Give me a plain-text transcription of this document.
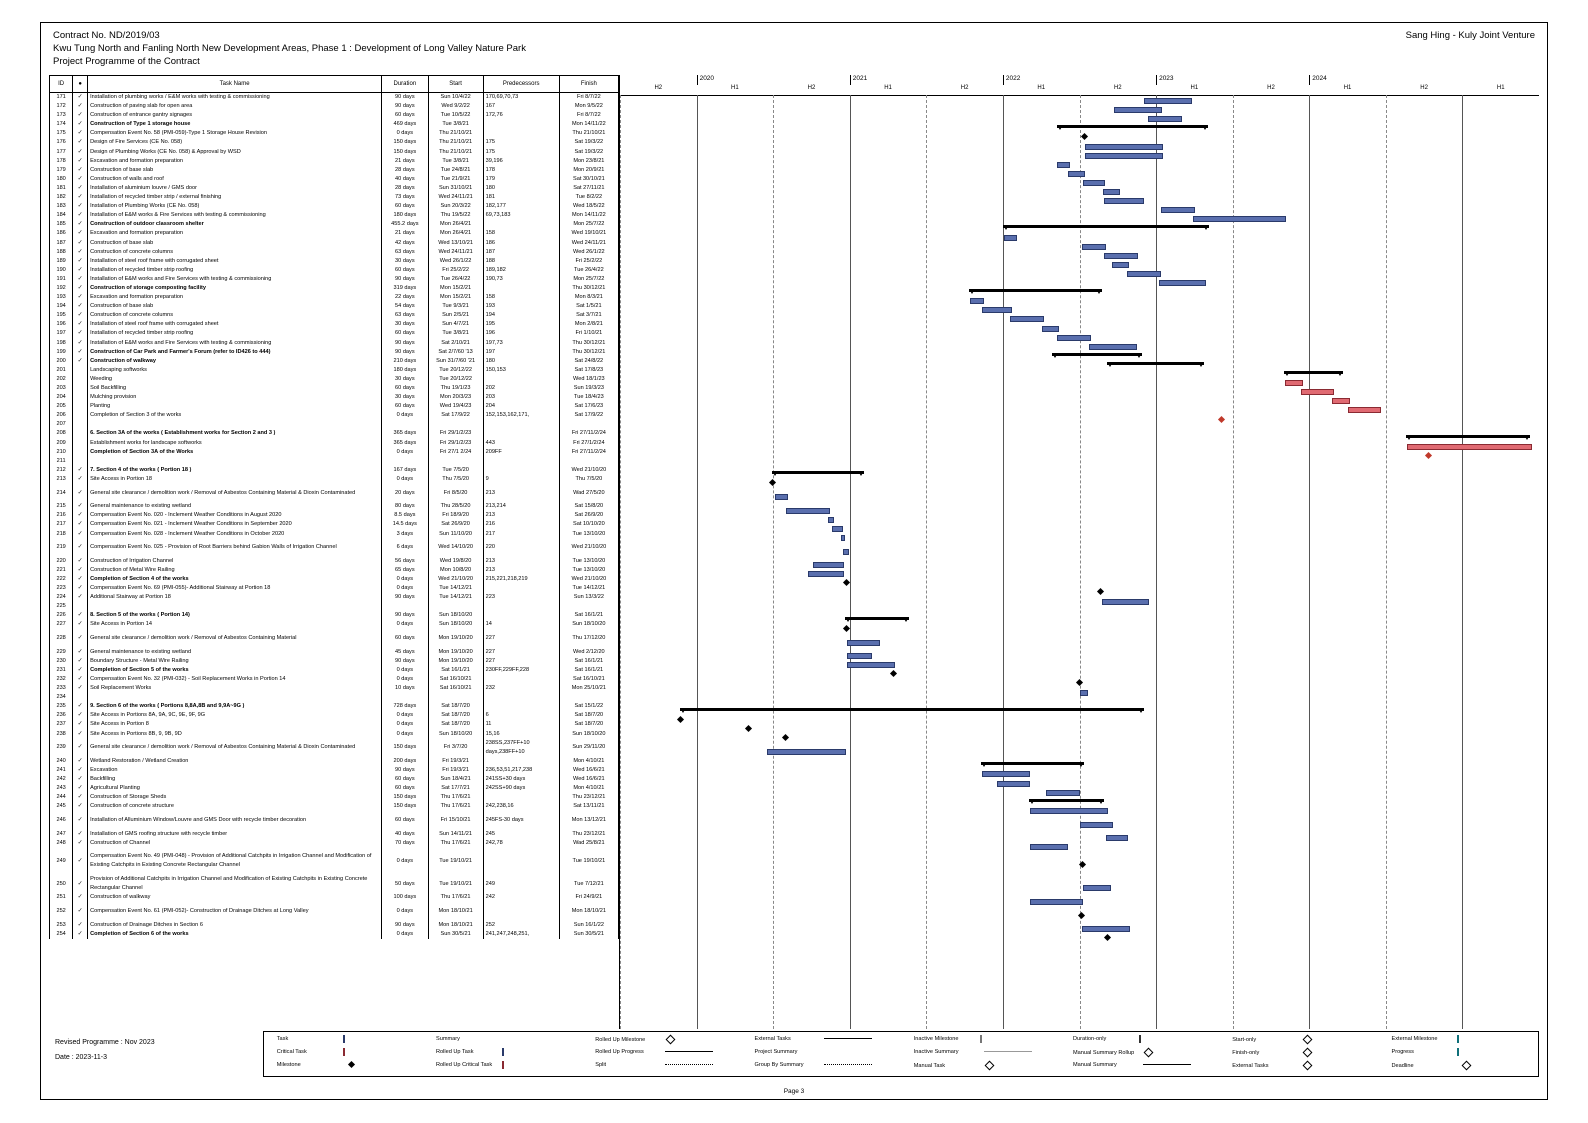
Contract No. ND/2019/03
Kwu Tung North and Fanling North New Development Areas, Phase 1 : Development of Long Valley Nature Park
Project Programme of the Contract
Sang Hing - Kuly Joint Venture
ID	●	Task Name	Duration	Start	Predecessors	Finish
171	✓	Installation of plumbing works / E&M works with testing & commissioning	90 days	Sun 10/4/22	170,69,70,73	Fri 8/7/22
172	✓	Construction of paving slab for open area	90 days	Wed 9/2/22	167	Mon 9/5/22
173	✓	Construction of entrance gantry signages	60 days	Tue 10/5/22	172,76	Fri 8/7/22
174	✓	Construction of Type 1 storage house	469 days	Tue 3/8/21		Mon 14/11/22
175	✓	Compensation Event No. 58 (PMI-059)-Type 1 Storage House Revision	0 days	Thu 21/10/21		Thu 21/10/21
176	✓	Design of Fire Services (CE No. 058)	150 days	Thu 21/10/21	175	Sat 19/3/22
177	✓	Design of Plumbing Works (CE No. 058) & Approval by WSD	150 days	Thu 21/10/21	175	Sat 19/3/22
178	✓	Excavation and formation preparation	21 days	Tue 3/8/21	39,196	Mon 23/8/21
179	✓	Construction of base slab	28 days	Tue 24/8/21	178	Mon 20/9/21
180	✓	Construction of walls and roof	40 days	Tue 21/9/21	179	Sat 30/10/21
181	✓	Installation of aluminium louvre / GMS door	28 days	Sun 31/10/21	180	Sat 27/11/21
182	✓	Installation of recycled timber strip / external finishing	73 days	Wed 24/11/21	181	Tue 8/2/22
183	✓	Installation of Plumbing Works (CE No. 058)	60 days	Sun 20/3/22	182,177	Wed 18/5/22
184	✓	Installation of E&M works & Fire Services with testing & commissioning	180 days	Thu 19/5/22	69,73,183	Mon 14/11/22
185	✓	Construction of outdoor classroom shelter	455.2 days	Mon 26/4/21		Mon 25/7/22
186	✓	Excavation and formation preparation	21 days	Mon 26/4/21	158	Wed 19/10/21
187	✓	Construction of base slab	42 days	Wed 13/10/21	186	Wed 24/11/21
188	✓	Construction of concrete columns	63 days	Wed 24/11/21	187	Wed 26/1/22
189	✓	Installation of steel roof frame with corrugated sheet	30 days	Wed 26/1/22	188	Fri 25/2/22
190	✓	Installation of recycled timber strip roofing	60 days	Fri 25/2/22	189,182	Tue 26/4/22
191	✓	Installation of E&M works and Fire Services with testing & commissioning	90 days	Tue 26/4/22	190,73	Mon 25/7/22
192	✓	Construction of storage composting facility	319 days	Mon 15/2/21		Thu 30/12/21
193	✓	Excavation and formation preparation	22 days	Mon 15/2/21	158	Mon 8/3/21
194	✓	Construction of base slab	54 days	Tue 9/3/21	193	Sat 1/5/21
195	✓	Construction of concrete columns	63 days	Sun 2/5/21	194	Sat 3/7/21
196	✓	Installation of steel roof frame with corrugated sheet	30 days	Sun 4/7/21	195	Mon 2/8/21
197	✓	Installation of recycled timber strip roofing	60 days	Tue 3/8/21	196	Fri 1/10/21
198	✓	Installation of E&M works and Fire Services with testing & commissioning	90 days	Sat 2/10/21	197,73	Thu 30/12/21
199	✓	Construction of Car Park and Farmer's Forum (refer to ID426 to 444)	90 days	Sat 2/7/60 '13	197	Thu 30/12/21
200	✓	Construction of walkway	210 days	Sun 31/7/60 '21	180	Sat 24/8/22
201		Landscaping softworks	180 days	Tue 20/12/22	150,153	Sat 17/8/23
202		Weeding	30 days	Tue 20/12/22		Wed 18/1/23
203		Soil Backfilling	60 days	Thu 19/1/23	202	Sun 19/3/23
204		Mulching provision	30 days	Mon 20/3/23	203	Tue 18/4/23
205		Planting	60 days	Wed 19/4/23	204	Sat 17/6/23
206		Completion of Section 3 of the works	0 days	Sat 17/9/22	152,153,162,171,	Sat 17/9/22
207						
208		6. Section 3A of the works ( Establishment works for Section 2 and 3 )	365 days	Fri 29/1/2/23		Fri 27/11/2/24
209		Establishment works for landscape softworks	365 days	Fri 29/1/2/23	443	Fri 27/1/2/24
210		Completion of Section 3A of the Works	0 days	Fri 27/1 2/24	209FF	Fri 27/11/2/24
211						
212	✓	7. Section 4 of the works ( Portion 18 )	167 days	Tue 7/5/20		Wed 21/10/20
213	✓	Site Access in Portion 18	0 days	Thu 7/5/20	9	Thu 7/5/20
214	✓	General site clearance / demolition work / Removal of Asbestos Containing Material & Dioxin Contaminated	20 days	Fri 8/5/20	213	Wad 27/5/20
215	✓	General maintenance to existing wetland	80 days	Thu 28/5/20	213,214	Sat 15/8/20
216	✓	Compensation Event No. 020 - Inclement Weather Conditions in August 2020	8.5 days	Fri 18/9/20	213	Sat 26/9/20
217	✓	Compensation Event No. 021 - Inclement Weather Conditions in September 2020	14.5 days	Sat 26/9/20	216	Sat 10/10/20
218	✓	Compensation Event No. 028 - Inclement Weather Conditions in October 2020	3 days	Sun 11/10/20	217	Tue 13/10/20
219	✓	Compensation Event No. 025 - Provision of Root Barriers behind Gabion Walls of Irrigation Channel	6 days	Wed 14/10/20	220	Wed 21/10/20
220	✓	Construction of Irrigation Channel	56 days	Wed 19/8/20	213	Tue 13/10/20
221	✓	Construction of Metal Wire Railing	65 days	Mon 10/8/20	213	Tue 13/10/20
222	✓	Completion of Section 4 of the works	0 days	Wed 21/10/20	215,221,218,219	Wed 21/10/20
223	✓	Compensation Event No. 69 (PMI-055)- Additional Stairway at Portion 18	0 days	Tue 14/12/21		Tue 14/12/21
224	✓	Additional Stairway at Portion 18	90 days	Tue 14/12/21	223	Sun 13/3/22
225						
226	✓	8. Section 5 of the works ( Portion 14)	90 days	Sun 18/10/20		Sat 16/1/21
227	✓	Site Access in Portion 14	0 days	Sun 18/10/20	14	Sun 18/10/20
228	✓	General site clearance / demolition work / Removal of Asbestos Containing Material	60 days	Mon 19/10/20	227	Thu 17/12/20
229	✓	General maintenance to existing wetland	45 days	Mon 19/10/20	227	Wed 2/12/20
230	✓	Boundary Structure - Metal Wire Railing	90 days	Mon 19/10/20	227	Sat 16/1/21
231	✓	Completion of Section 5 of the works	0 days	Sat 16/1/21	230FF,229FF,228	Sat 16/1/21
232	✓	Compensation Event No. 32 (PMI-032) - Soil Replacement Works in Portion 14	0 days	Sat 16/10/21		Sat 16/10/21
233	✓	Soil Replacement Works	10 days	Sat 16/10/21	232	Mon 25/10/21
234						
235	✓	9. Section 6 of the works ( Portions 8,8A,8B and 9,9A~9G )	728 days	Sat 18/7/20		Sat 15/1/22
236	✓	Site Access in Portions 8A, 9A, 9C, 9E, 9F, 9G	0 days	Sat 18/7/20	6	Sat 18/7/20
237	✓	Site Access in Portion 8	0 days	Sat 18/7/20	11	Sat 18/7/20
238	✓	Site Access in Portions 8B, 9, 9B, 9D	0 days	Sun 18/10/20	15,16	Sun 18/10/20
239	✓	General site clearance / demolition work / Removal of Asbestos Containing Material & Dioxin Contaminated	150 days	Fri 3/7/20	238SS,237FF+10 days,238FF+10	Sun 29/11/20
240	✓	Wetland Restoration / Wetland Creation	200 days	Fri 19/3/21		Mon 4/10/21
241	✓	Excavation	90 days	Fri 19/3/21	236,53,51,217,238	Wed 16/6/21
242	✓	Backfilling	60 days	Sun 18/4/21	241SS+30 days	Wed 16/6/21
243	✓	Agricultural Planting	60 days	Sat 17/7/21	242SS+90 days	Mon 4/10/21
244	✓	Construction of Storage Sheds	150 days	Thu 17/6/21		Thu 23/12/21
245	✓	Construction of concrete structure	150 days	Thu 17/6/21	242,238,16	Sat 13/11/21
246	✓	Installation of Alluminium Window/Louvre and GMS Door with recycle timber decoration	60 days	Fri 15/10/21	245FS-30 days	Mon 13/12/21
247	✓	Installation of GMS roofing structure with recycle timber	40 days	Sun 14/11/21	245	Thu 23/12/21
248	✓	Construction of Channel	70 days	Thu 17/6/21	242,78	Wad 25/8/21
249	✓	Compensation Event No. 49 (PMI-048) - Provision of Additional Catchpits in Irrigation Channel and Modification of Existing Catchpits in Existing Concrete Rectangular Channel	0 days	Tue 19/10/21		Tue 19/10/21
250	✓	Provision of Additional Catchpits in Irrigation Channel and Modification of Existing Catchpits in Existing Concrete Rectangular Channel	50 days	Tue 19/10/21	249	Tue 7/12/21
251	✓	Construction of walkway	100 days	Thu 17/6/21	242	Fri 24/9/21
252	✓	Compensation Event No. 61 (PMI-052)- Construction of Drainage Ditches at Long Valley	0 days	Mon 18/10/21		Mon 18/10/21
253	✓	Construction of Drainage Ditches in Section 6	90 days	Mon 18/10/21	252	Sun 16/1/22
254	✓	Completion of Section 6 of the works	0 days	Sun 30/5/21	241,247,248,251,	Sun 30/5/21
H2	H1	H2	H1	H2	H1	H2	H1	H2	H1	H2	H1
2020	2021	2022	2023	2024
Revised Programme : Nov 2023
Date : 2023-11-3
Task
Critical Task
Milestone
Summary
Rolled Up Task
Rolled Up Critical Task
Rolled Up Milestone
Rolled Up Progress
Split
External Tasks
Project Summary
Group By Summary
Inactive Milestone
Inactive Summary
Manual Task
Duration-only
Manual Summary Rollup
Manual Summary
Start-only
Finish-only
External Tasks
External Milestone
Progress
Deadline
Page 3
